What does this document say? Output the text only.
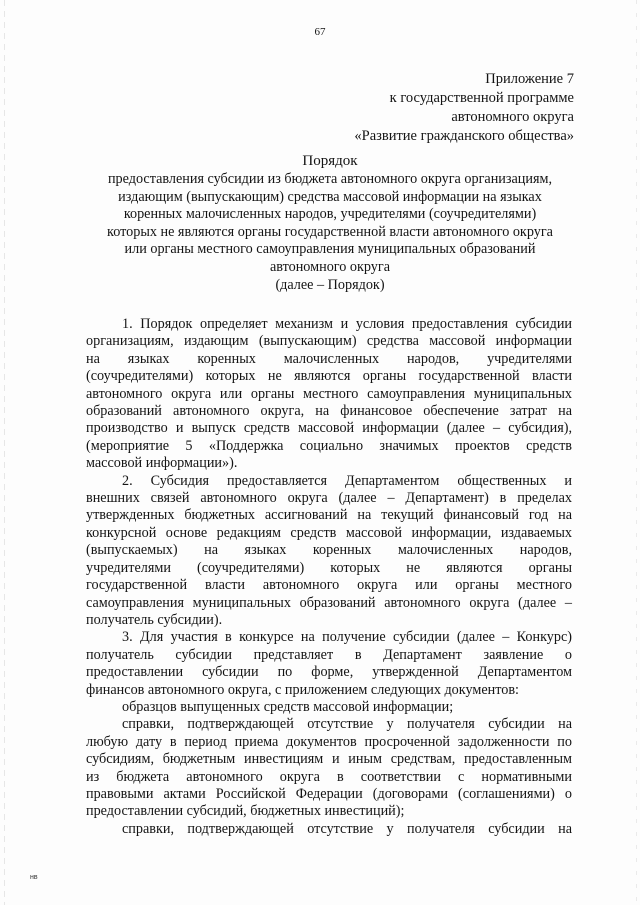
67
Приложение 7
к государственной программе
автономного округа
«Развитие гражданского общества»
Порядок
предоставления субсидии из бюджета автономного округа организациям,
издающим (выпускающим) средства массовой информации на языках
коренных малочисленных народов, учредителями (соучредителями)
которых не являются органы государственной власти автономного округа
или органы местного самоуправления муниципальных образований
автономного округа
(далее – Порядок)
1. Порядок определяет механизм и условия предоставления субсидии
организациям, издающим (выпускающим) средства массовой информации
на языках коренных малочисленных народов, учредителями
(соучредителями) которых не являются органы государственной власти
автономного округа или органы местного самоуправления муниципальных
образований автономного округа, на финансовое обеспечение затрат на
производство и выпуск средств массовой информации (далее – субсидия),
(мероприятие 5 «Поддержка социально значимых проектов средств
массовой информации»).
2. Субсидия предоставляется Департаментом общественных и
внешних связей автономного округа (далее – Департамент) в пределах
утвержденных бюджетных ассигнований на текущий финансовый год на
конкурсной основе редакциям средств массовой информации, издаваемых
(выпускаемых) на языках коренных малочисленных народов,
учредителями (соучредителями) которых не являются органы
государственной власти автономного округа или органы местного
самоуправления муниципальных образований автономного округа (далее –
получатель субсидии).
3. Для участия в конкурсе на получение субсидии (далее – Конкурс)
получатель субсидии представляет в Департамент заявление о
предоставлении субсидии по форме, утвержденной Департаментом
финансов автономного округа, с приложением следующих документов:
образцов выпущенных средств массовой информации;
справки, подтверждающей отсутствие у получателя субсидии на
любую дату в период приема документов просроченной задолженности по
субсидиям, бюджетным инвестициям и иным средствам, предоставленным
из бюджета автономного округа в соответствии с нормативными
правовыми актами Российской Федерации (договорами (соглашениями) о
предоставлении субсидий, бюджетных инвестиций);
справки, подтверждающей отсутствие у получателя субсидии на
нв
